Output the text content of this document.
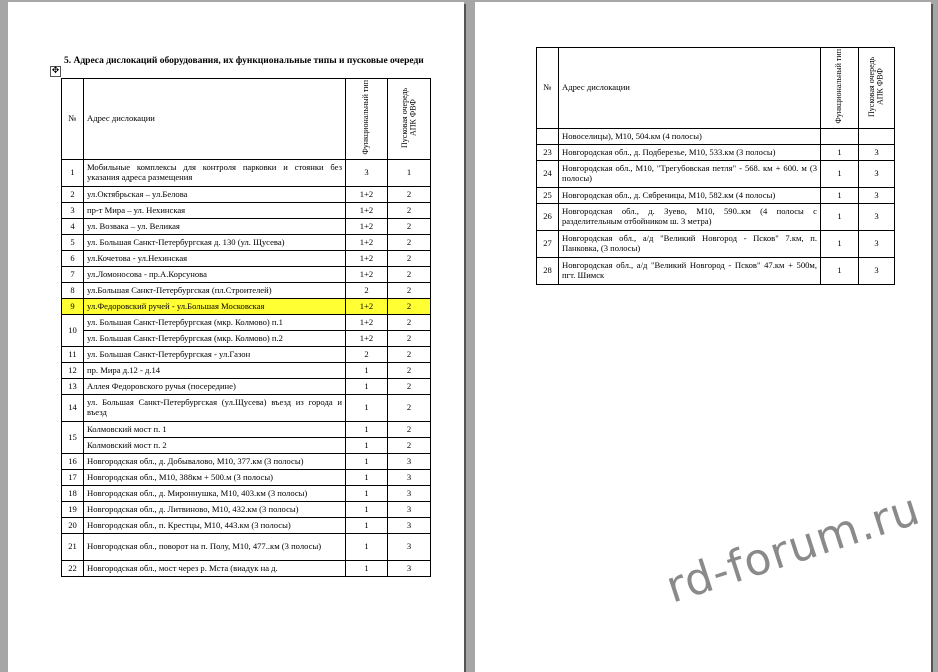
✥
5. Адреса дислокаций оборудования, их функциональные типы и пусковые очереди
№	Адрес дислокации	Функциональный тип	Пусковая очередь АПК ФВФ
1	Мобильные комплексы для контроля парковки и стоянки без указания адреса размещения	3	1
2	ул.Октябрьская – ул.Белова	1+2	2
3	пр-т Мира – ул. Нехинская	1+2	2
4	ул. Возвака – ул. Великая	1+2	2
5	ул. Большая Санкт-Петербургская д. 130 (ул. Щусева)	1+2	2
6	ул.Кочетова - ул.Нехинская	1+2	2
7	ул.Ломоносова - пр.А.Корсунова	1+2	2
8	ул.Большая Санкт-Петербургская (пл.Строителей)	2	2
9	ул.Федоровский ручей - ул.Большая Московская	1+2	2
10	ул. Большая Санкт-Петербургская (мкр. Колмово) п.1	1+2	2
	ул. Большая Санкт-Петербургская (мкр. Колмово) п.2	1+2	2
11	ул. Большая Санкт-Петербургская - ул.Газон	2	2
12	пр. Мира д.12 - д.14	1	2
13	Аллея Федоровского ручья (посередине)	1	2
14	ул. Большая Санкт-Петербургская (ул.Щусева) въезд из города и въезд	1	2
15	Колмовский мост п. 1	1	2
	Колмовский мост п. 2	1	2
16	Новгородская обл., д. Добывалово, М10, 377.км (3 полосы)	1	3
17	Новгородская обл., М10, 388км + 500.м (3 полосы)	1	3
18	Новгородская обл., д. Мироннушка, М10, 403.км (3 полосы)	1	3
19	Новгородская обл., д. Литвиново, М10, 432.км (3 полосы)	1	3
20	Новгородская обл., п. Крестцы, М10, 443.км (3 полосы)	1	3
21	Новгородская обл., поворот на п. Полу, М10, 477..км (3 полосы)	1	3
22	Новгородская обл., мост через р. Мста (виадук на д.	1	3
№	Адрес дислокации	Функциональный тип	Пусковая очередь АПК ФВФ
	Новоселицы), М10, 504.км (4 полосы)		
23	Новгородская обл., д. Подберезье, М10, 533.км (3 полосы)	1	3
24	Новгородская обл., М10, "Трегубовская петля" - 568. км + 600. м (3 полосы)	1	3
25	Новгородская обл., д. Сябреницы, М10, 582.км (4 полосы)	1	3
26	Новгородская обл., д. Зуево, М10, 590..км (4 полосы с разделительным отбойником ш. 3 метра)	1	3
27	Новгородская обл., а/д "Великий Новгород - Псков" 7.км, п. Панковка, (3 полосы)	1	3
28	Новгородская обл., а/д "Великий Новгород - Псков" 47.км + 500м, пгт. Шимск	1	3
rd-forum.ru
